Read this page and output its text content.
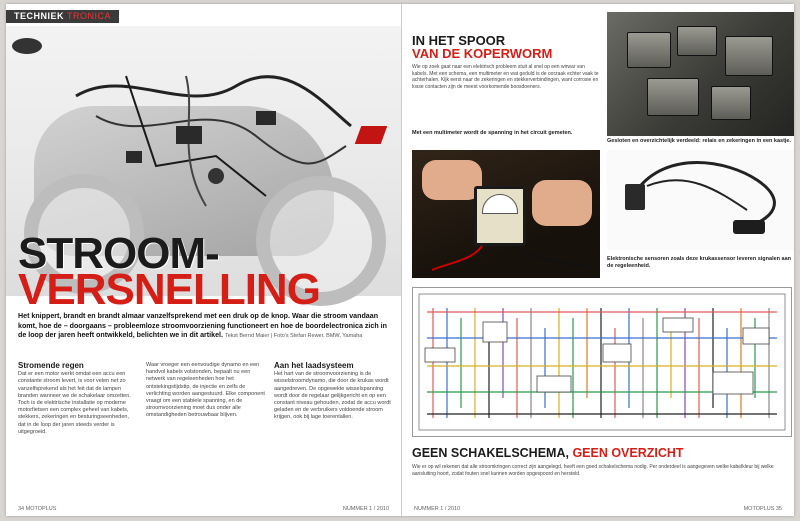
TECHNIEK TRONICA
STROOM-
VERSNELLING
Het knippert, brandt en brandt almaar vanzelfsprekend met een druk op de knop. Waar die stroom vandaan komt, hoe de – doorgaans – probleemloze stroomvoorziening functioneert en hoe de boordelectronica zich in de loop der jaren heeft ontwikkeld, belichten we in dit artikel. Tekst Bernd Maier | Foto's Stefan Rewer, BMW, Yamaha
Stromende regen

Dat er een motor werkt omdat een accu een constante stroom levert, is voor velen net zo vanzelfsprekend als het feit dat de lampen branden wanneer we de schakelaar omzetten. Toch is de elektrische installatie op moderne motorfietsen een complex geheel van kabels, stekkers, zekeringen en besturingseenheden, dat in de loop der jaren steeds verder is uitgegroeid.

Waar vroeger een eenvoudige dynamo en een handvol kabels volstonden, bepaalt nu een netwerk van regeleenheden hoe het ontstekingstijdstip, de injectie en zelfs de verlichting worden aangestuurd. Elke component vraagt om een stabiele spanning, en de stroomvoorziening moet dus onder alle omstandigheden betrouwbaar blijven.

Aan het laadsysteem

Het hart van de stroomvoorziening is de wisselstroomdynamo, die door de krukas wordt aangedreven. De opgewekte wisselspanning wordt door de regelaar gelijkgericht en op een constant niveau gehouden, zodat de accu wordt geladen en de verbruikers voldoende stroom krijgen, ook bij lage toerentallen.

34 MOTOPLUS	NUMMER 1 / 2010
IN HET SPOOR
VAN DE KOPERWORM

Wie op zoek gaat naar een elektrisch probleem stuit al snel op een wirwar van kabels. Met een schema, een multimeter en wat geduld is de oorzaak echter vaak te achterhalen. Kijk eerst naar de zekeringen en stekkerverbindingen, want corrosie en losse contacten zijn de meest voorkomende boosdoeners.

Met een multimeter wordt de spanning in het circuit gemeten.

Gesloten en overzichtelijk verdeeld: relais en zekeringen in een kastje.

Elektronische sensoren zoals deze krukassensor leveren signalen aan de regeleenheid.

GEEN SCHAKELSCHEMA, GEEN OVERZICHT

Wie er op wil rekenen dat alle stroomkringen correct zijn aangelegd, heeft een goed schakelschema nodig. Per onderdeel is aangegeven welke kabelkleur bij welke aansluiting hoort, zodat fouten snel kunnen worden opgespoord en hersteld.

NUMMER 1 / 2010	MOTOPLUS 35
